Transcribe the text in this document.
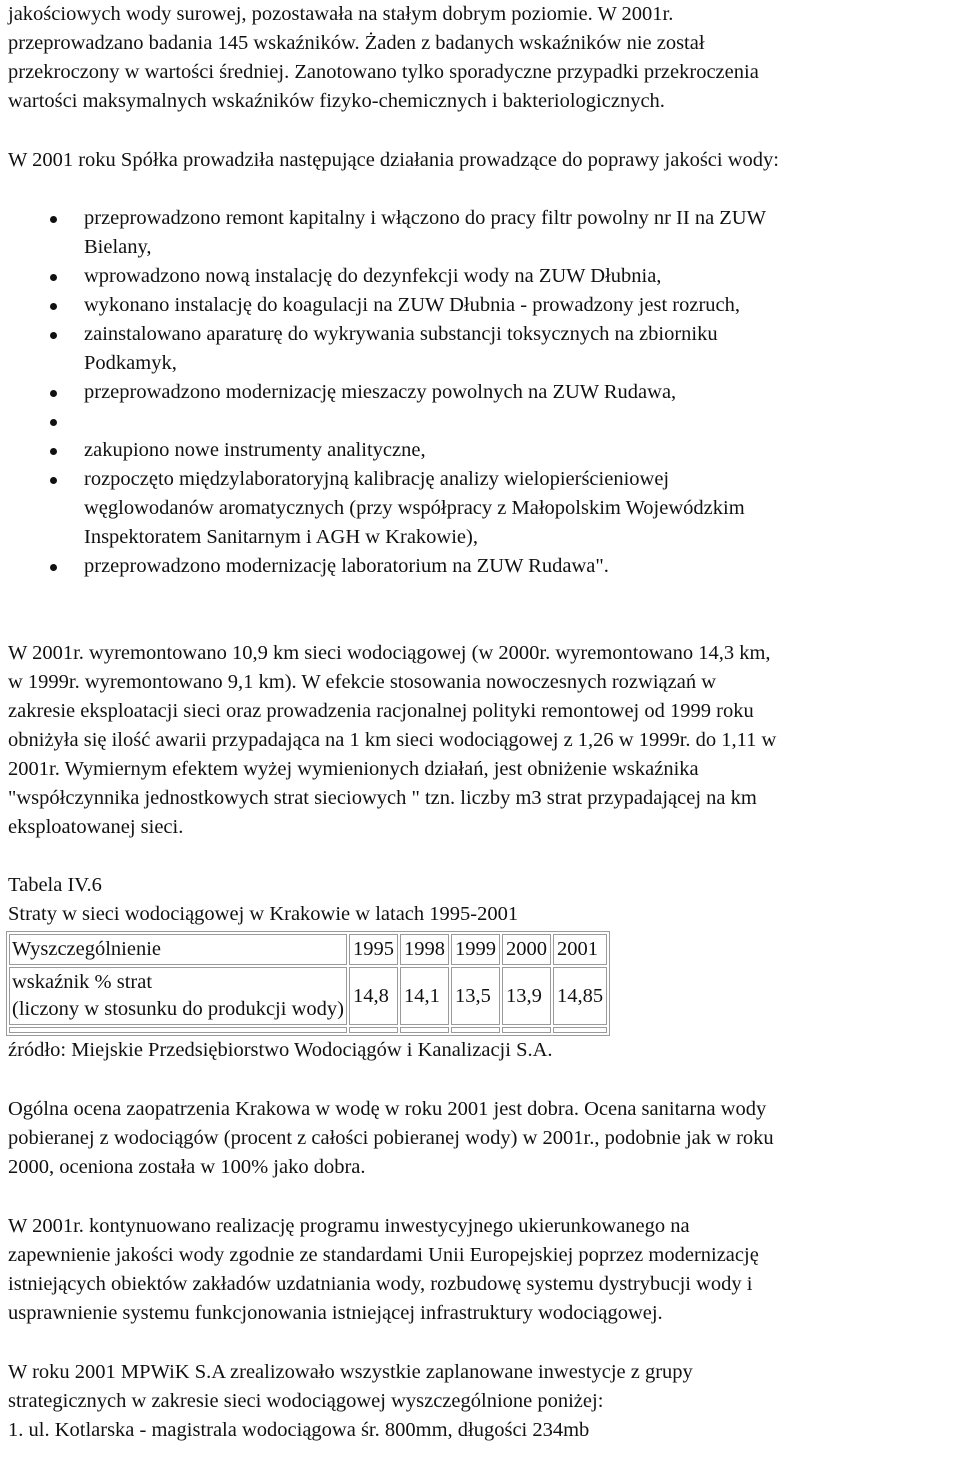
jakościowych wody surowej, pozostawała na stałym dobrym poziomie. W 2001r.
przeprowadzano badania 145 wskaźników. Żaden z badanych wskaźników nie został
przekroczony w wartości średniej. Zanotowano tylko sporadyczne przypadki przekroczenia
wartości maksymalnych wskaźników fizyko-chemicznych i bakteriologicznych.

W 2001 roku Spółka prowadziła następujące działania prowadzące do poprawy jakości wody:

przeprowadzono remont kapitalny i włączono do pracy filtr powolny nr II na ZUW
Bielany,
wprowadzono nową instalację do dezynfekcji wody na ZUW Dłubnia,
wykonano instalację do koagulacji na ZUW Dłubnia - prowadzony jest rozruch,
zainstalowano aparaturę do wykrywania substancji toksycznych na zbiorniku
Podkamyk,
przeprowadzono modernizację mieszaczy powolnych na ZUW Rudawa,
zakupiono nowe instrumenty analityczne,
rozpoczęto międzylaboratoryjną kalibrację analizy wielopierścieniowej
węglowodanów aromatycznych (przy współpracy z Małopolskim Wojewódzkim
Inspektoratem Sanitarnym i AGH w Krakowie),
przeprowadzono modernizację laboratorium na ZUW Rudawa".

W 2001r. wyremontowano 10,9 km sieci wodociągowej (w 2000r. wyremontowano 14,3 km,
w 1999r. wyremontowano 9,1 km). W efekcie stosowania nowoczesnych rozwiązań w
zakresie eksploatacji sieci oraz prowadzenia racjonalnej polityki remontowej od 1999 roku
obniżyła się ilość awarii przypadająca na 1 km sieci wodociągowej z 1,26 w 1999r. do 1,11 w
2001r. Wymiernym efektem wyżej wymienionych działań, jest obniżenie wskaźnika
"współczynnika jednostkowych strat sieciowych " tzn. liczby m3 strat przypadającej na km
eksploatowanej sieci.

Tabela IV.6
Straty w sieci wodociągowej w Krakowie w latach 1995-2001

Wyszczególnienie	1995	1998	1999	2000	2001
wskaźnik % strat
(liczony w stosunku do produkcji wody)	14,8	14,1	13,5	13,9	14,85

źródło: Miejskie Przedsiębiorstwo Wodociągów i Kanalizacji S.A.

Ogólna ocena zaopatrzenia Krakowa w wodę w roku 2001 jest dobra. Ocena sanitarna wody
pobieranej z wodociągów (procent z całości pobieranej wody) w 2001r., podobnie jak w roku
2000, oceniona została w 100% jako dobra.

W 2001r. kontynuowano realizację programu inwestycyjnego ukierunkowanego na
zapewnienie jakości wody zgodnie ze standardami Unii Europejskiej poprzez modernizację
istniejących obiektów zakładów uzdatniania wody, rozbudowę systemu dystrybucji wody i
usprawnienie systemu funkcjonowania istniejącej infrastruktury wodociągowej.

W roku 2001 MPWiK S.A zrealizowało wszystkie zaplanowane inwestycje z grupy
strategicznych w zakresie sieci wodociągowej wyszczególnione poniżej:
1. ul. Kotlarska - magistrala wodociągowa śr. 800mm, długości 234mb
